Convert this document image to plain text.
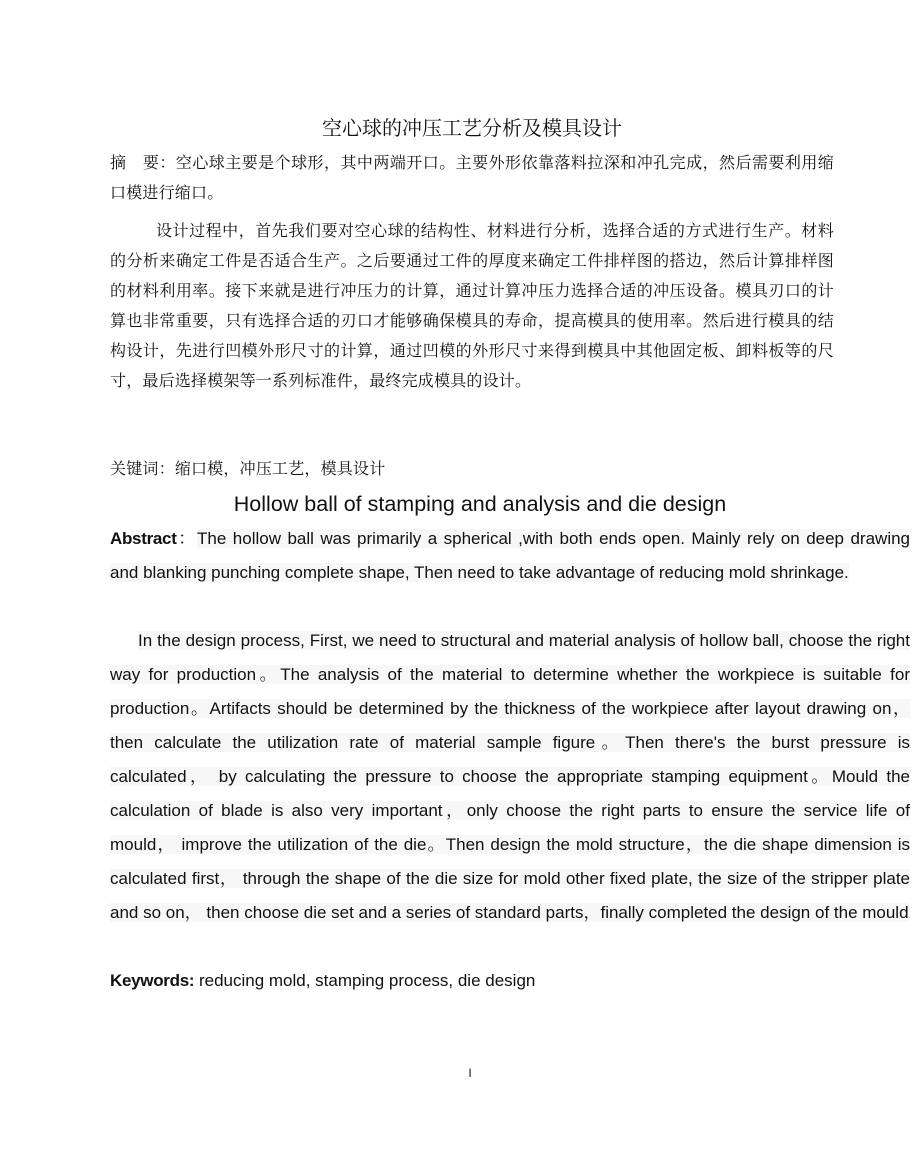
空心球的冲压工艺分析及模具设计

摘　要：空心球主要是个球形，其中两端开口。主要外形依靠落料拉深和冲孔完成，然后需要利用缩口模进行缩口。

设计过程中，首先我们要对空心球的结构性、材料进行分析，选择合适的方式进行生产。材料的分析来确定工件是否适合生产。之后要通过工件的厚度来确定工件排样图的搭边，然后计算排样图的材料利用率。接下来就是进行冲压力的计算，通过计算冲压力选择合适的冲压设备。模具刃口的计算也非常重要，只有选择合适的刃口才能够确保模具的寿命，提高模具的使用率。然后进行模具的结构设计，先进行凹模外形尺寸的计算，通过凹模的外形尺寸来得到模具中其他固定板、卸料板等的尺寸，最后选择模架等一系列标准件，最终完成模具的设计。

关键词：缩口模，冲压工艺，模具设计

Hollow ball of stamping and analysis and die design

Abstract：The hollow ball was primarily a spherical ,with both ends open. Mainly rely on deep drawing and blanking punching complete shape, Then need to take advantage of reducing mold shrinkage.

In the design process, First, we need to structural and material analysis of hollow ball, choose the right way for production。The analysis of the material to determine whether the workpiece is suitable for production。Artifacts should be determined by the thickness of the workpiece after layout drawing on，then calculate the utilization rate of material sample figure。Then there's the burst pressure is calculated， by calculating the pressure to choose the appropriate stamping equipment。Mould the calculation of blade is also very important，only choose the right parts to ensure the service life of mould， improve the utilization of the die。Then design the mold structure，the die shape dimension is calculated first， through the shape of the die size for mold other fixed plate, the size of the stripper plate and so on， then choose die set and a series of standard parts，finally completed the design of the mould

Keywords: reducing mold, stamping process, die design

I
